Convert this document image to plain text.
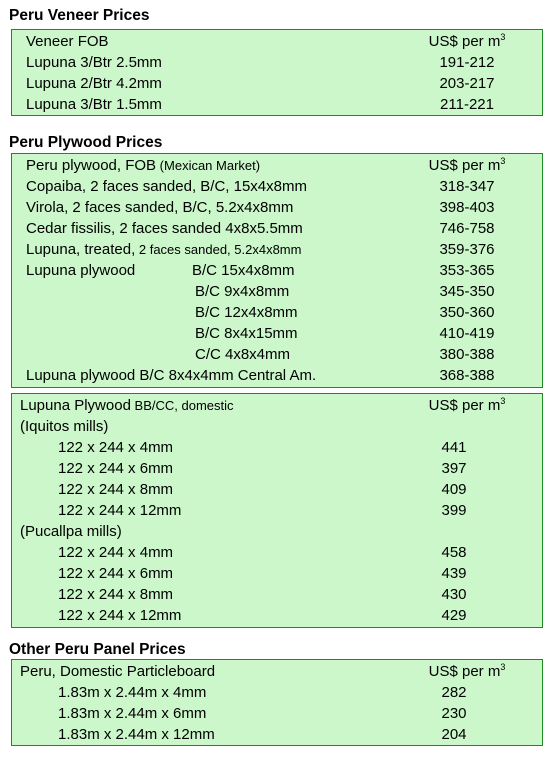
Peru Veneer Prices
Veneer FOB	US$ per $m^3$
Lupuna 3/Btr 2.5mm	191-212
Lupuna 2/Btr 4.2mm	203-217
Lupuna 3/Btr 1.5mm	211-221
Peru Plywood Prices
Peru plywood, FOB (Mexican Market)	US$ per $m^3$
Copaiba, 2 faces sanded, B/C, 15x4x8mm	318-347
Virola, 2 faces sanded, B/C, 5.2x4x8mm	398-403
Cedar fissilis, 2 faces sanded 4x8x5.5mm	746-758
Lupuna, treated, 2 faces sanded, 5.2x4x8mm	359-376
Lupuna plywood	B/C 15x4x8mm	353-365
B/C 9x4x8mm	345-350
B/C 12x4x8mm	350-360
B/C 8x4x15mm	410-419
C/C 4x8x4mm	380-388
Lupuna plywood B/C 8x4x4mm Central Am.	368-388
Lupuna Plywood BB/CC, domestic	US$ per $m^3$
(Iquitos mills)
122 x 244 x 4mm	441
122 x 244 x 6mm	397
122 x 244 x 8mm	409
122 x 244 x 12mm	399
(Pucallpa mills)
122 x 244 x 4mm	458
122 x 244 x 6mm	439
122 x 244 x 8mm	430
122 x 244 x 12mm	429
Other Peru Panel Prices
Peru, Domestic Particleboard	US$ per $m^3$
1.83m x 2.44m x 4mm	282
1.83m x 2.44m x 6mm	230
1.83m x 2.44m x 12mm	204
